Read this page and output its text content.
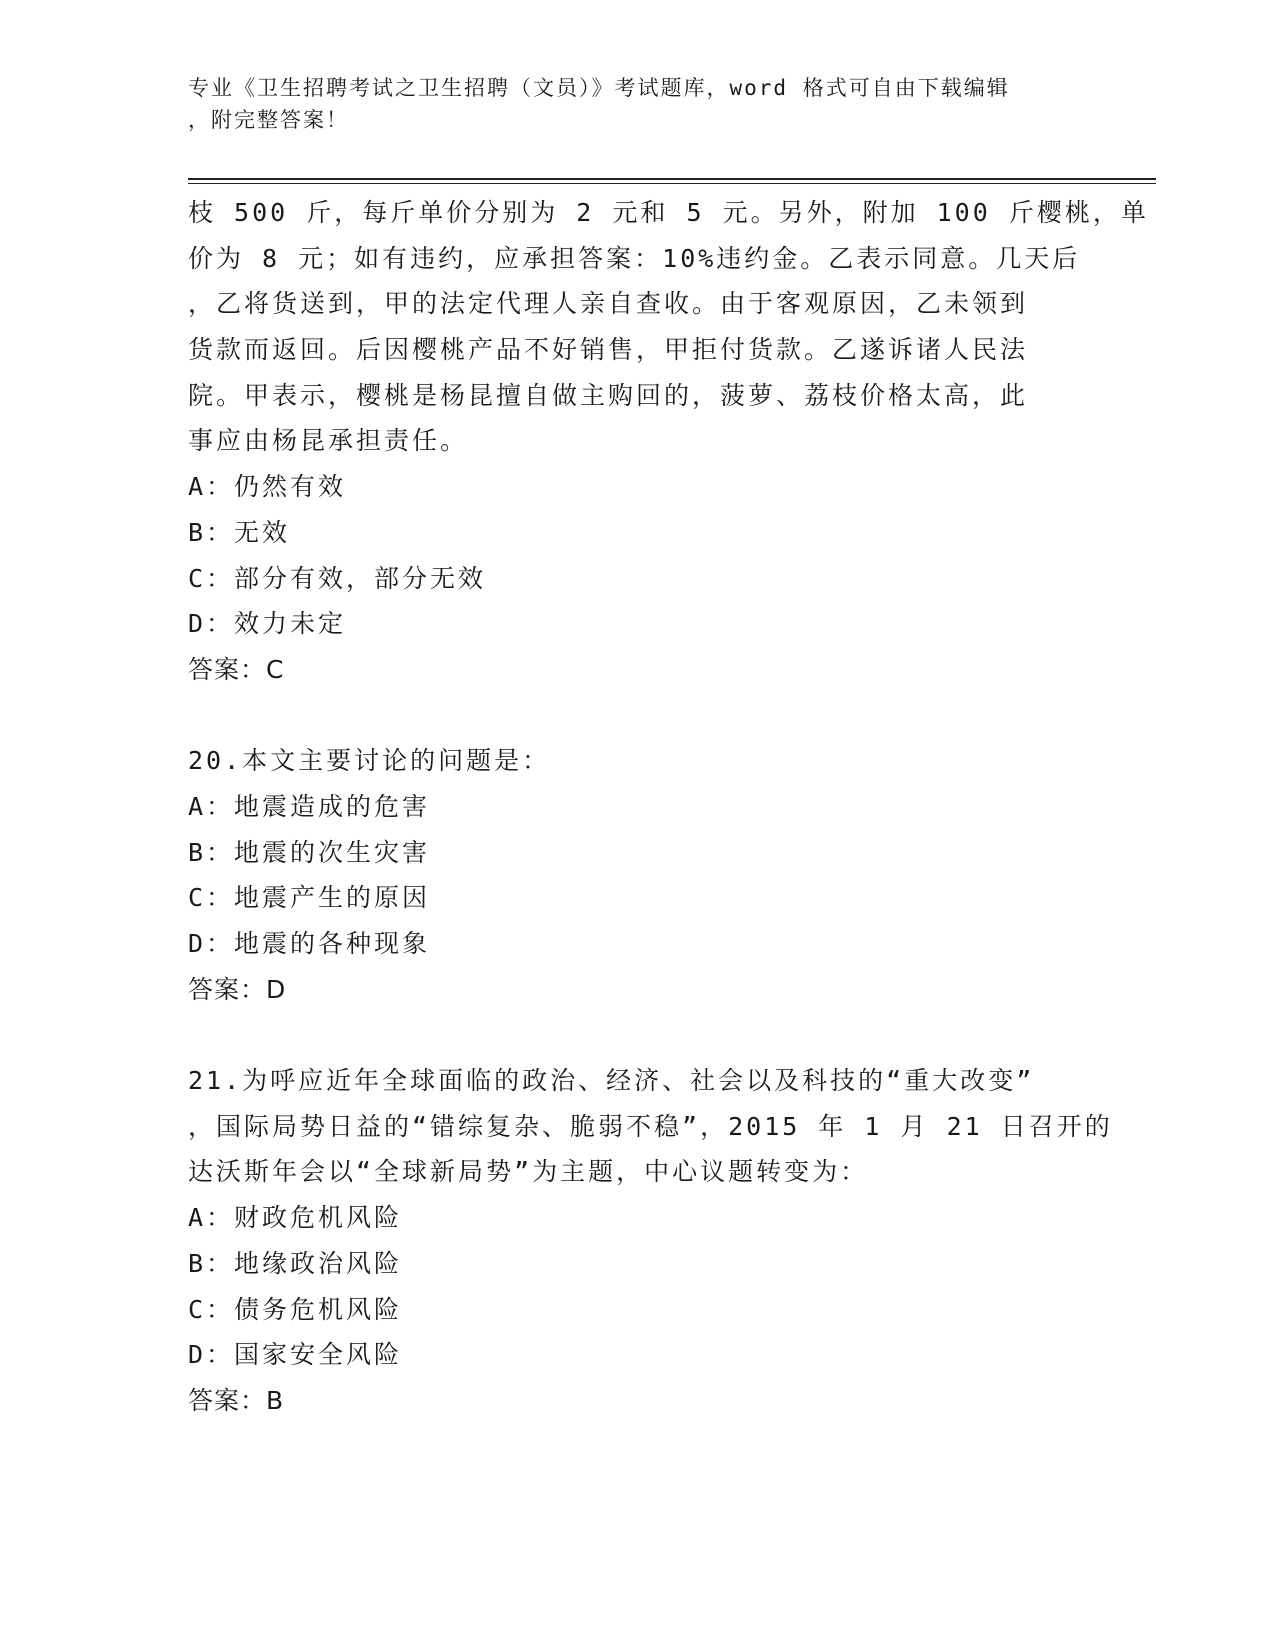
专业《卫生招聘考试之卫生招聘（文员）》考试题库，word 格式可自由下载编辑
，附完整答案！
枝 500 斤，每斤单价分别为 2 元和 5 元。另外，附加 100 斤樱桃，单
价为 8 元；如有违约，应承担答案：10%违约金。乙表示同意。几天后
，乙将货送到，甲的法定代理人亲自查收。由于客观原因，乙未领到
货款而返回。后因樱桃产品不好销售，甲拒付货款。乙遂诉诸人民法
院。甲表示，樱桃是杨昆擅自做主购回的，菠萝、荔枝价格太高，此
事应由杨昆承担责任。
A：仍然有效
B：无效
C：部分有效，部分无效
D：效力未定
答案：C
20.本文主要讨论的问题是：
A：地震造成的危害
B：地震的次生灾害
C：地震产生的原因
D：地震的各种现象
答案：D
21.为呼应近年全球面临的政治、经济、社会以及科技的“重大改变”
，国际局势日益的“错综复杂、脆弱不稳”，2015 年 1 月 21 日召开的
达沃斯年会以“全球新局势”为主题，中心议题转变为：
A：财政危机风险
B：地缘政治风险
C：债务危机风险
D：国家安全风险
答案：B
